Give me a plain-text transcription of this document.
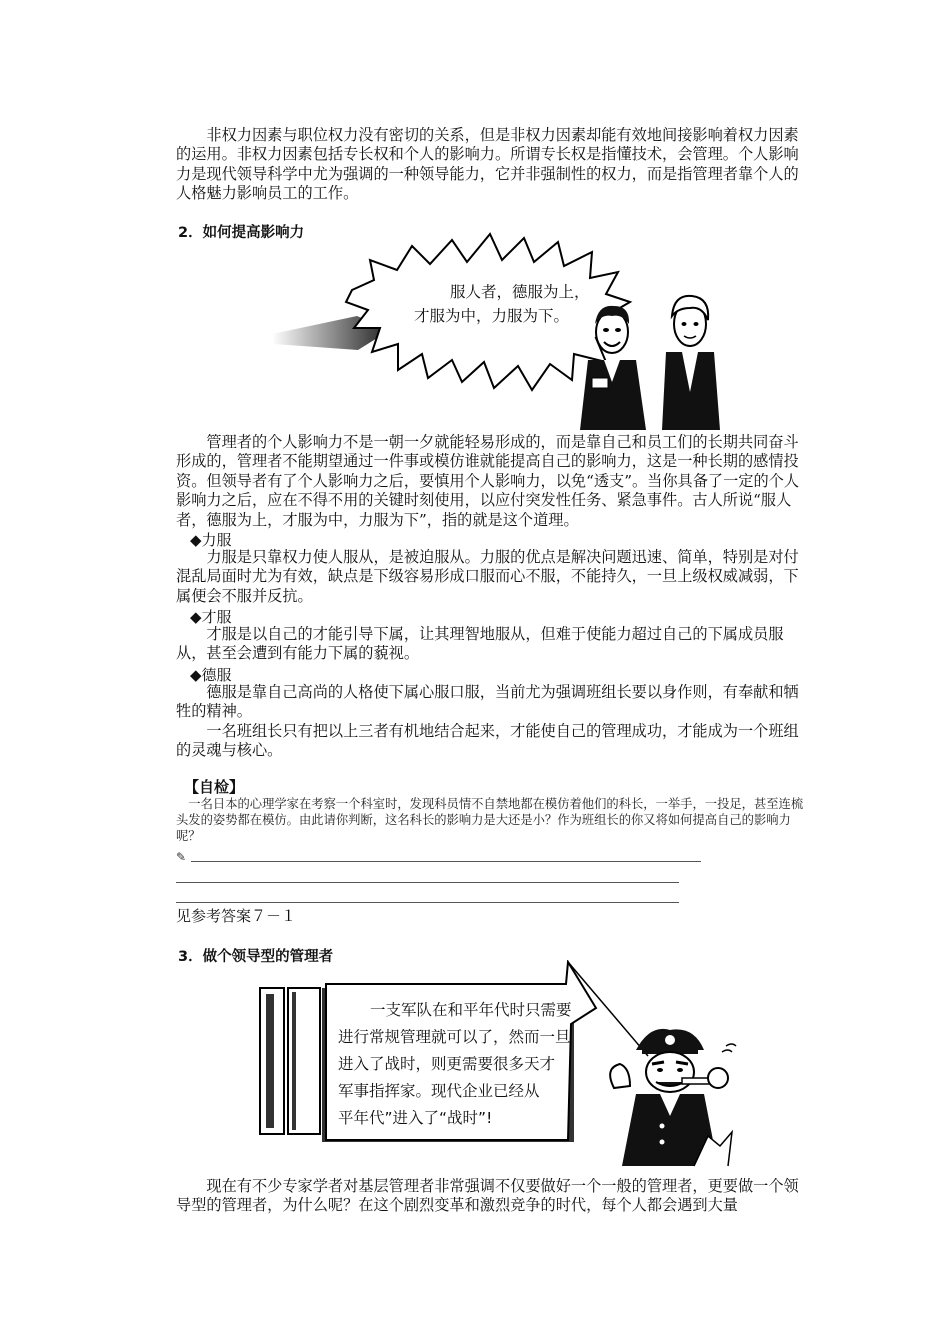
非权力因素与职位权力没有密切的关系，但是非权力因素却能有效地间接影响着权力因素的运用。非权力因素包括专长权和个人的影响力。所谓专长权是指懂技术，会管理。个人影响力是现代领导科学中尤为强调的一种领导能力，它并非强制性的权力，而是指管理者靠个人的人格魅力影响员工的工作。

2．如何提高影响力
服人者，德服为上，
才服为中，力服为下。

管理者的个人影响力不是一朝一夕就能轻易形成的，而是靠自己和员工们的长期共同奋斗形成的，管理者不能期望通过一件事或模仿谁就能提高自己的影响力，这是一种长期的感情投资。但领导者有了个人影响力之后，要慎用个人影响力，以免“透支”。当你具备了一定的个人影响力之后，应在不得不用的关键时刻使用，以应付突发性任务、紧急事件。古人所说“服人者，德服为上，才服为中，力服为下”，指的就是这个道理。

◆力服

力服是只靠权力使人服从，是被迫服从。力服的优点是解决问题迅速、简单，特别是对付混乱局面时尤为有效，缺点是下级容易形成口服而心不服，不能持久，一旦上级权威减弱，下属便会不服并反抗。

◆才服

才服是以自己的才能引导下属，让其理智地服从，但难于使能力超过自己的下属成员服从，甚至会遭到有能力下属的藐视。

◆德服

德服是靠自己高尚的人格使下属心服口服，当前尤为强调班组长要以身作则，有奉献和牺牲的精神。

一名班组长只有把以上三者有机地结合起来，才能使自己的管理成功，才能成为一个班组的灵魂与核心。

【自检】
一名日本的心理学家在考察一个科室时，发现科员情不自禁地都在模仿着他们的科长，一举手，一投足，甚至连梳头发的姿势都在模仿。由此请你判断，这名科长的影响力是大还是小？作为班组长的你又将如何提高自己的影响力呢？
✎
见参考答案７－１
3．做个领导型的管理者
一支军队在和平年代时只需要
进行常规管理就可以了，然而一旦
进入了战时，则更需要很多天才
军事指挥家。现代企业已经从
平年代”进入了“战时”!

现在有不少专家学者对基层管理者非常强调不仅要做好一个一般的管理者，更要做一个领导型的管理者，为什么呢？在这个剧烈变革和激烈竞争的时代，每个人都会遇到大量
